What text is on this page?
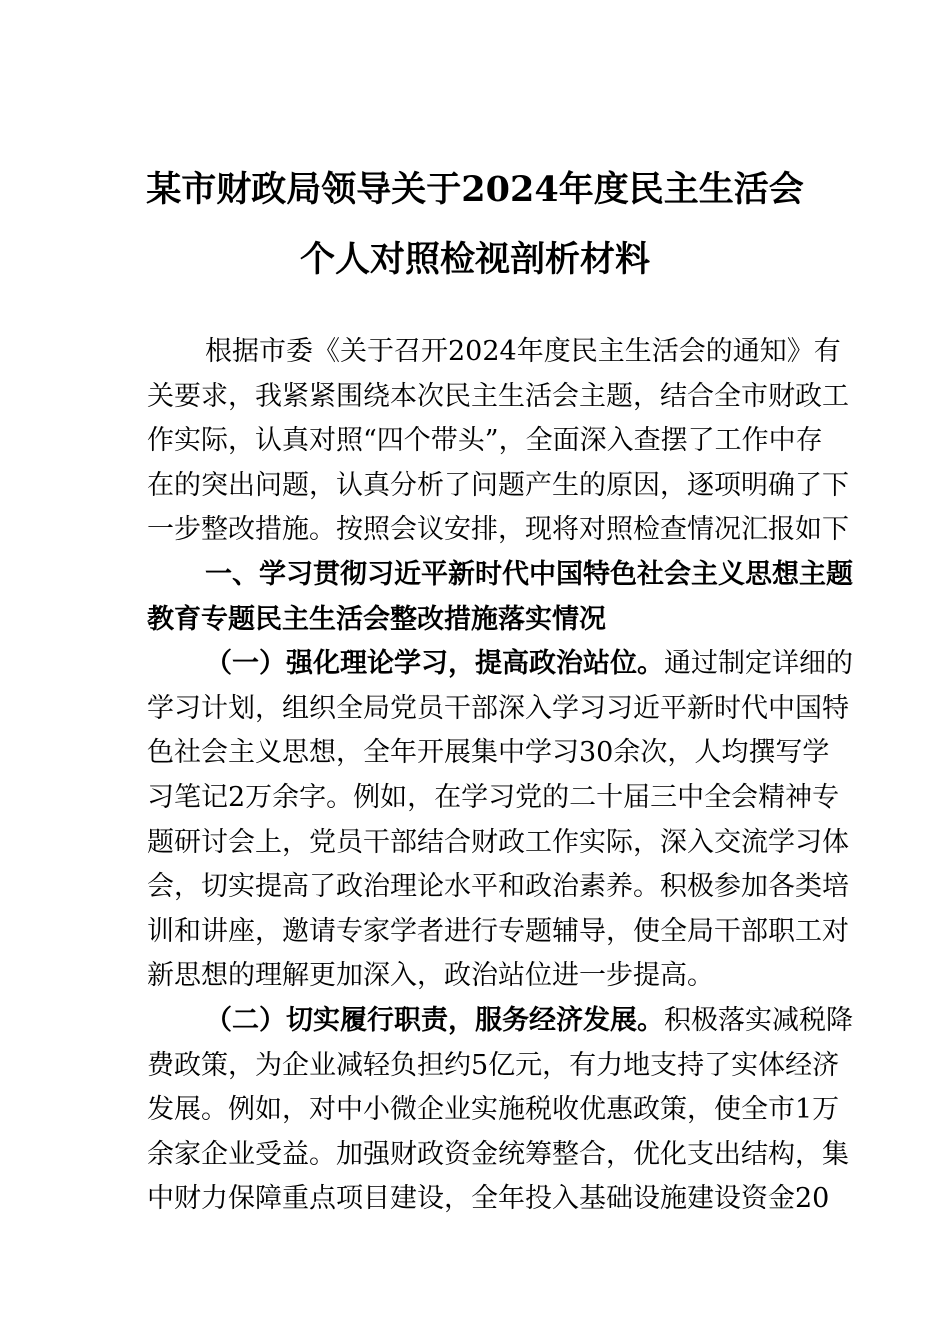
某市财政局领导关于2024年度民主生活会
个人对照检视剖析材料
根据市委《关于召开2024年度民主生活会的通知》有
关要求，我紧紧围绕本次民主生活会主题，结合全市财政工
作实际，认真对照“四个带头”，全面深入查摆了工作中存
在的突出问题，认真分析了问题产生的原因，逐项明确了下
一步整改措施。按照会议安排，现将对照检查情况汇报如下
一、学习贯彻习近平新时代中国特色社会主义思想主题
教育专题民主生活会整改措施落实情况
（一）强化理论学习，提高政治站位。通过制定详细的
学习计划，组织全局党员干部深入学习习近平新时代中国特
色社会主义思想，全年开展集中学习30余次，人均撰写学
习笔记2万余字。例如，在学习党的二十届三中全会精神专
题研讨会上，党员干部结合财政工作实际，深入交流学习体
会，切实提高了政治理论水平和政治素养。积极参加各类培
训和讲座，邀请专家学者进行专题辅导，使全局干部职工对
新思想的理解更加深入，政治站位进一步提高。
（二）切实履行职责，服务经济发展。积极落实减税降
费政策，为企业减轻负担约5亿元，有力地支持了实体经济
发展。例如，对中小微企业实施税收优惠政策，使全市1万
余家企业受益。加强财政资金统筹整合，优化支出结构，集
中财力保障重点项目建设，全年投入基础设施建设资金20
